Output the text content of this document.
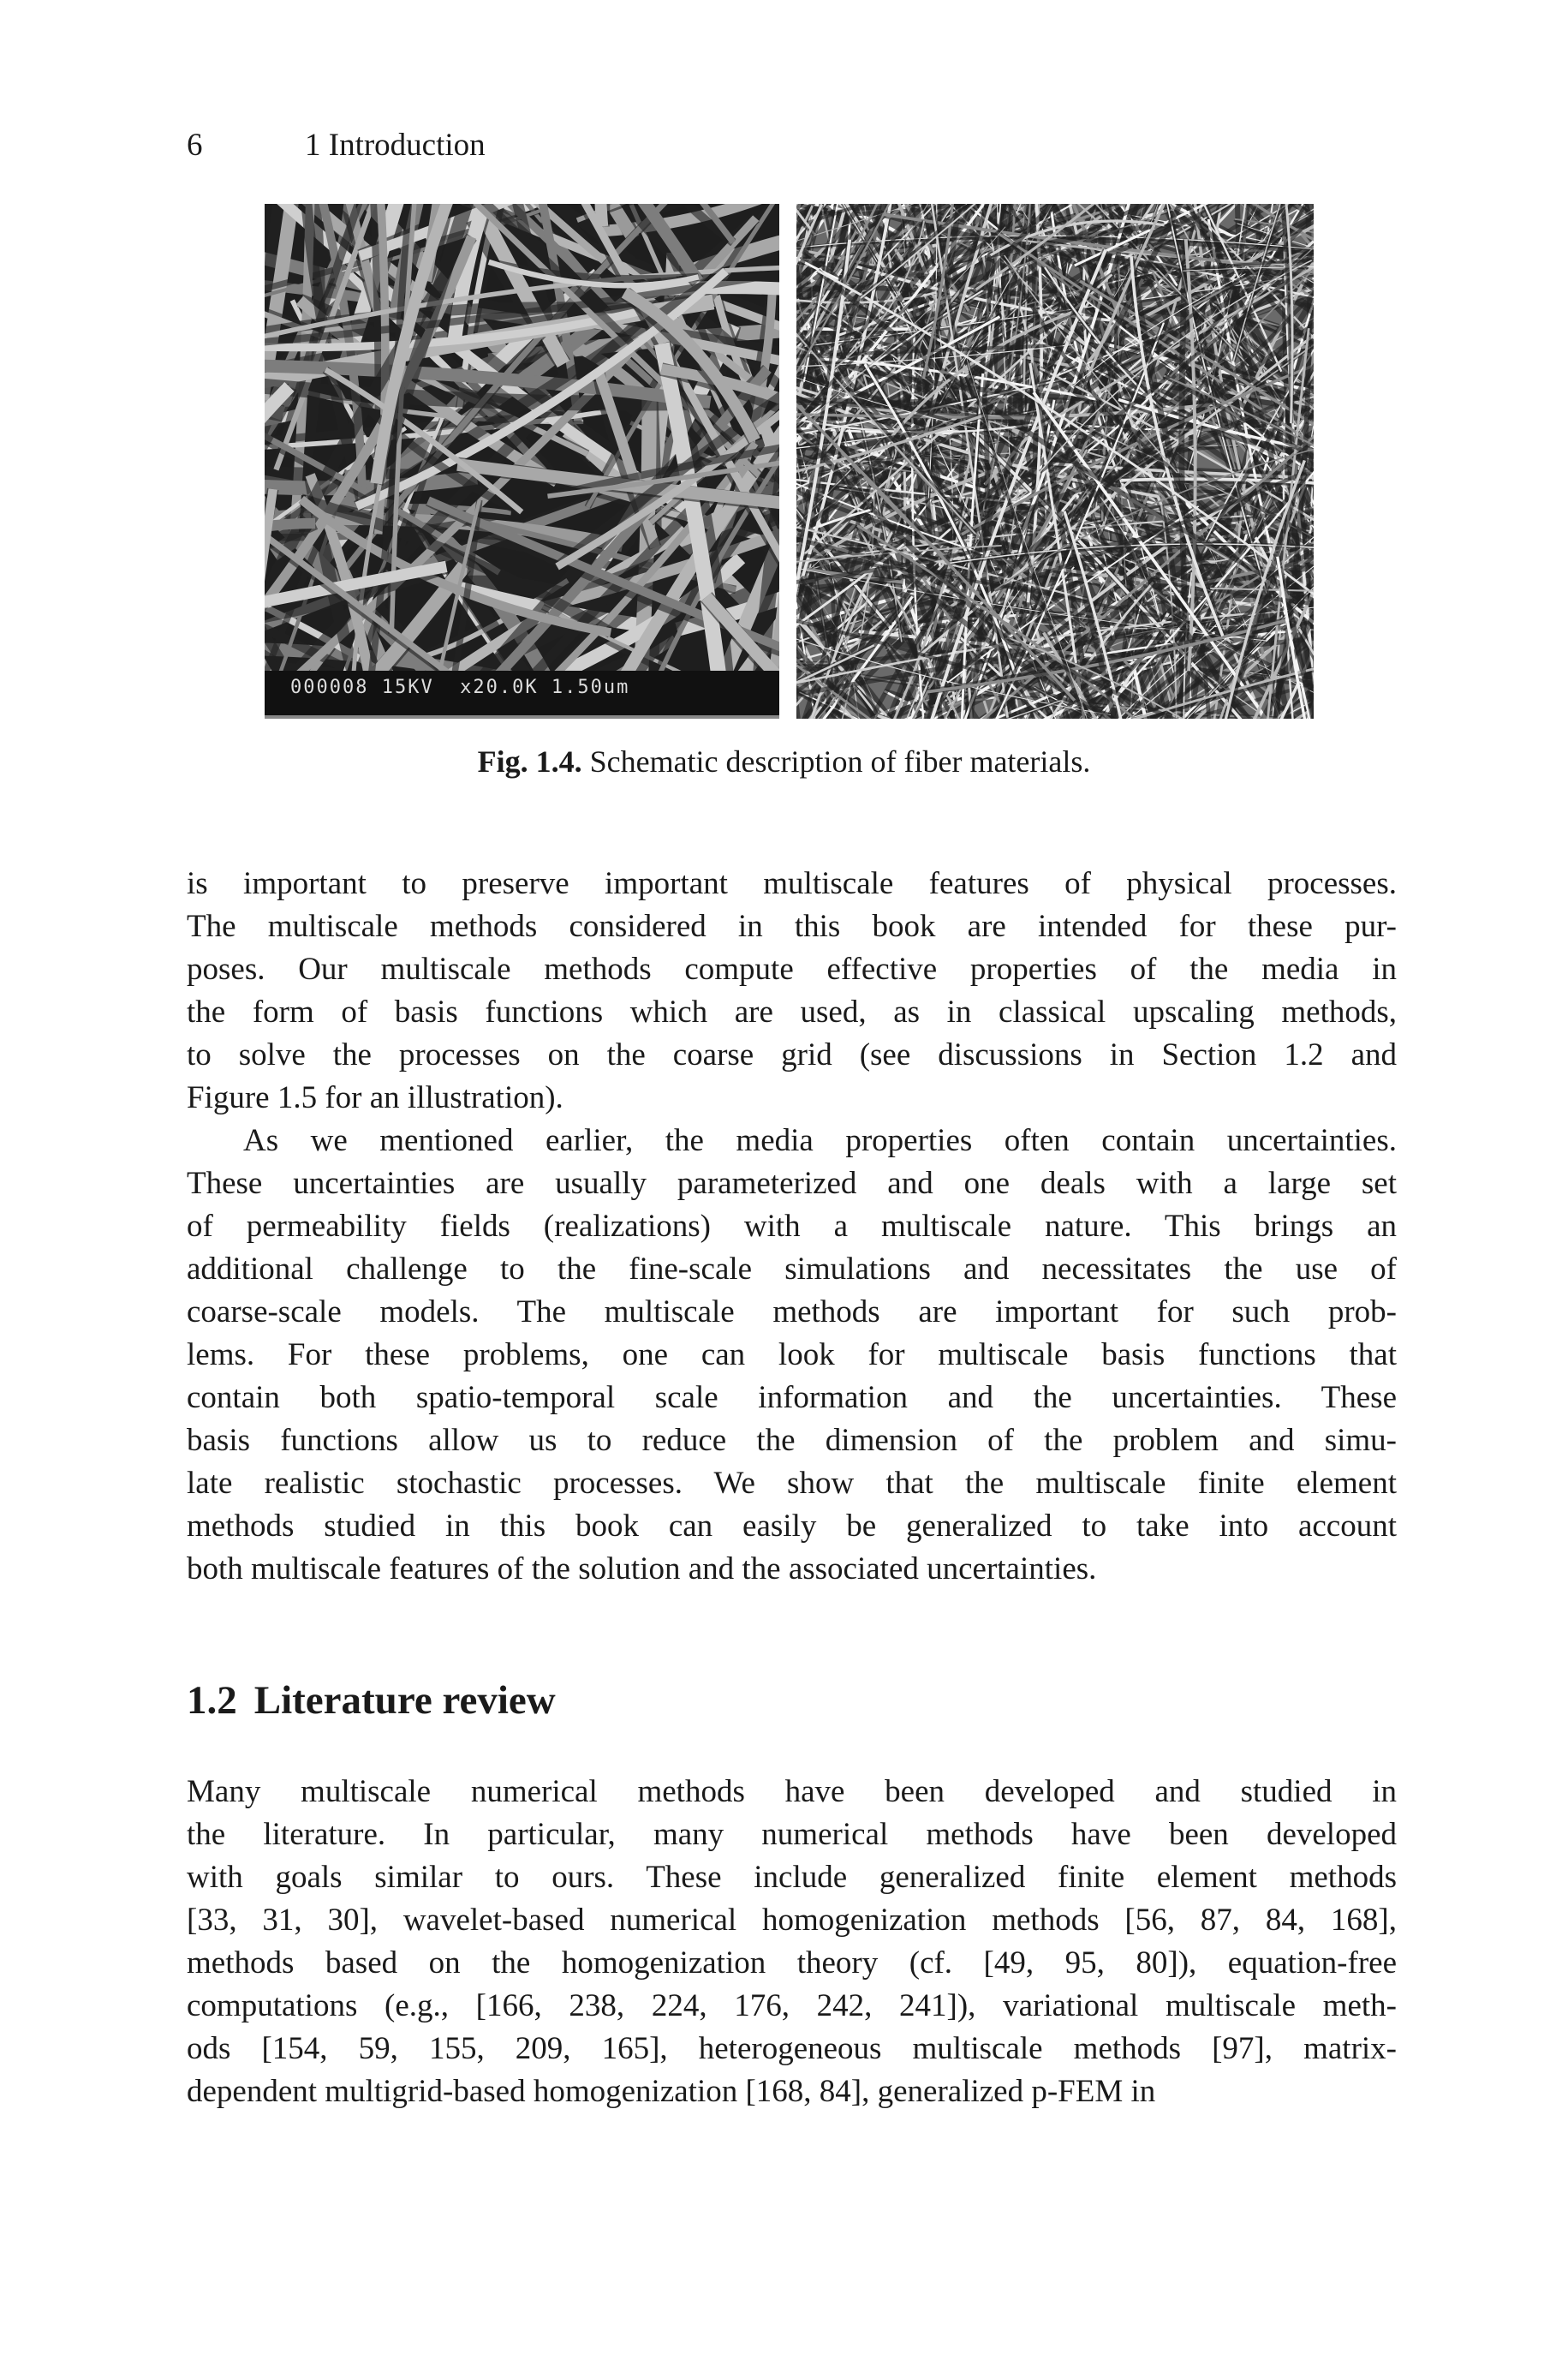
6	1 Introduction
000008 15KV  x20.0K 1.50um
Fig. 1.4. Schematic description of fiber materials.
is important to preserve important multiscale features of physical processes.
The multiscale methods considered in this book are intended for these pur-
poses. Our multiscale methods compute effective properties of the media in
the form of basis functions which are used, as in classical upscaling methods,
to solve the processes on the coarse grid (see discussions in Section 1.2 and
Figure 1.5 for an illustration).
As we mentioned earlier, the media properties often contain uncertainties.
These uncertainties are usually parameterized and one deals with a large set
of permeability fields (realizations) with a multiscale nature. This brings an
additional challenge to the fine-scale simulations and necessitates the use of
coarse-scale models. The multiscale methods are important for such prob-
lems. For these problems, one can look for multiscale basis functions that
contain both spatio-temporal scale information and the uncertainties. These
basis functions allow us to reduce the dimension of the problem and simu-
late realistic stochastic processes. We show that the multiscale finite element
methods studied in this book can easily be generalized to take into account
both multiscale features of the solution and the associated uncertainties.
1.2 Literature review
Many multiscale numerical methods have been developed and studied in
the literature. In particular, many numerical methods have been developed
with goals similar to ours. These include generalized finite element methods
[33, 31, 30], wavelet-based numerical homogenization methods [56, 87, 84, 168],
methods based on the homogenization theory (cf. [49, 95, 80]), equation-free
computations (e.g., [166, 238, 224, 176, 242, 241]), variational multiscale meth-
ods [154, 59, 155, 209, 165], heterogeneous multiscale methods [97], matrix-
dependent multigrid-based homogenization [168, 84], generalized p-FEM in
